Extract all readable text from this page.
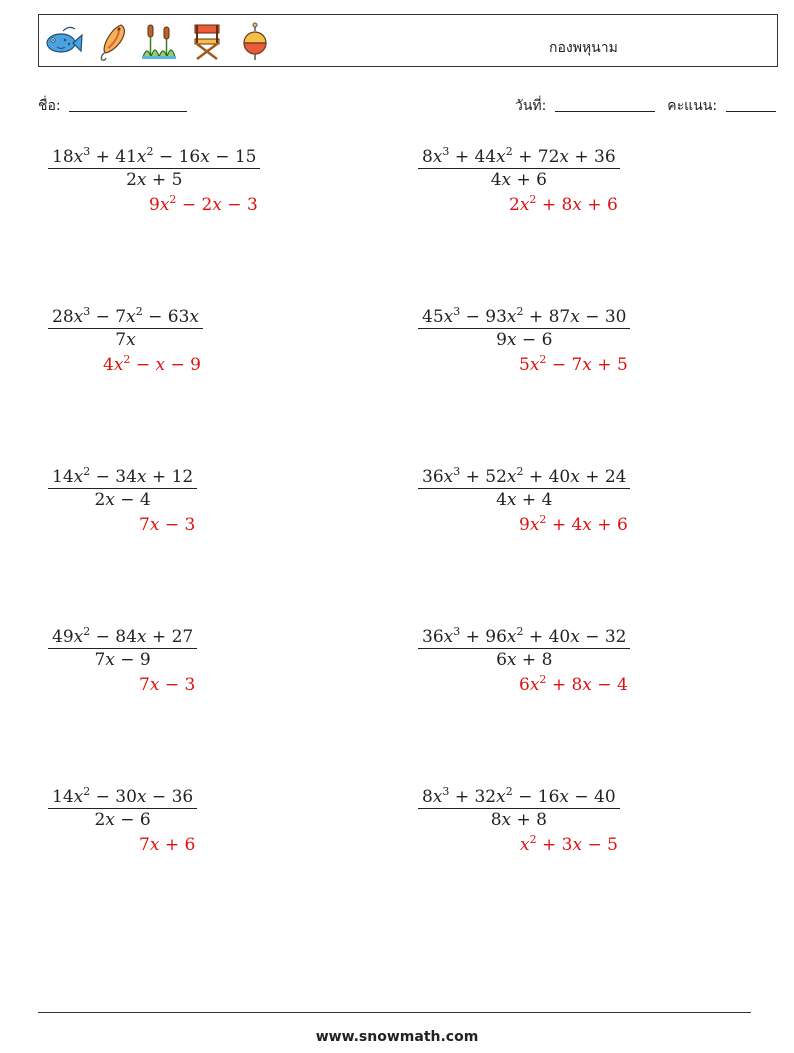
กองพหุนาม
ชื่อ:	วันที่:	คะแนน:
$\frac{18x^3 + 41x^2 - 16x - 15}{2x + 5}$
$9x^2 - 2x - 3$
$\frac{8x^3 + 44x^2 + 72x + 36}{4x + 6}$
$2x^2 + 8x + 6$
$\frac{28x^3 - 7x^2 - 63x}{7x}$
$4x^2 - x - 9$
$\frac{45x^3 - 93x^2 + 87x - 30}{9x - 6}$
$5x^2 - 7x + 5$
$\frac{14x^2 - 34x + 12}{2x - 4}$
7x − 3
$\frac{36x^3 + 52x^2 + 40x + 24}{4x + 4}$
$9x^2 + 4x + 6$
$\frac{49x^2 - 84x + 27}{7x - 9}$
7x − 3
$\frac{36x^3 + 96x^2 + 40x - 32}{6x + 8}$
$6x^2 + 8x - 4$
$\frac{14x^2 - 30x - 36}{2x - 6}$
7x + 6
$\frac{8x^3 + 32x^2 - 16x - 40}{8x + 8}$
$x^2 + 3x - 5$
www.snowmath.com
